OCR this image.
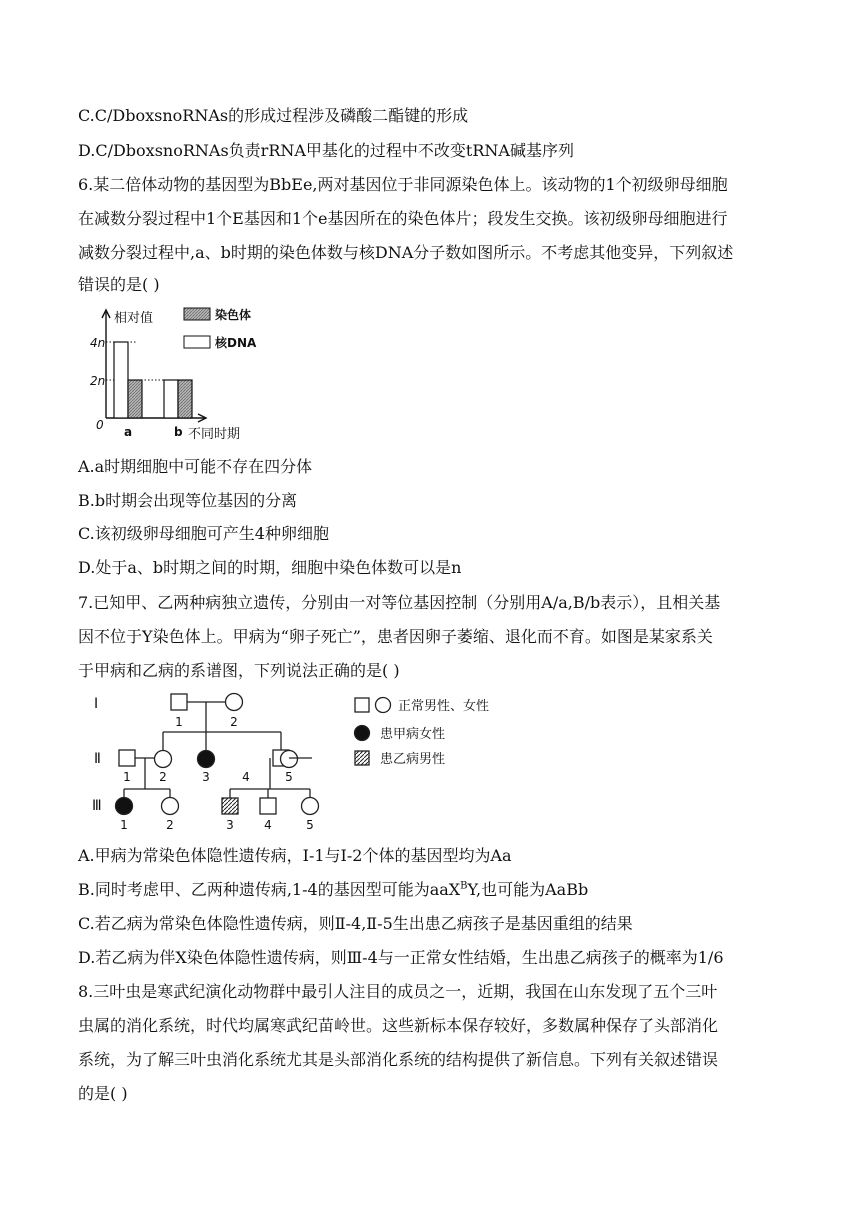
C.C/DboxsnoRNAs的形成过程涉及磷酸二酯键的形成
D.C/DboxsnoRNAs负责rRNA甲基化的过程中不改变tRNA碱基序列
6.某二倍体动物的基因型为BbEe,两对基因位于非同源染色体上。该动物的1个初级卵母细胞
在减数分裂过程中1个E基因和1个e基因所在的染色体片；段发生交换。该初级卵母细胞进行
减数分裂过程中,a、b时期的染色体数与核DNA分子数如图所示。不考虑其他变异，下列叙述
错误的是( )
相对值
不同时期
4n
2n
0 a	b
染色体
核DNA
A.a时期细胞中可能不存在四分体
B.b时期会出现等位基因的分离
C.该初级卵母细胞可产生4种卵细胞
D.处于a、b时期之间的时期，细胞中染色体数可以是n
7.已知甲、乙两种病独立遗传，分别由一对等位基因控制（分别用A/a,B/b表示），且相关基
因不位于Y染色体上。甲病为“卵子死亡”，患者因卵子萎缩、退化而不育。如图是某家系关
于甲病和乙病的系谱图，下列说法正确的是( )
Ⅰ
Ⅱ
Ⅲ
1	2
1 2	3	4	5
1	2	3	4	5
正常男性、女性
患甲病女性
患乙病男性
A.甲病为常染色体隐性遗传病，I-1与I-2个体的基因型均为Aa
B.同时考虑甲、乙两种遗传病,1-4的基因型可能为aaX$^B$Y,也可能为AaBb
C.若乙病为常染色体隐性遗传病，则Ⅱ-4,Ⅱ-5生出患乙病孩子是基因重组的结果
D.若乙病为伴X染色体隐性遗传病，则Ⅲ-4与一正常女性结婚，生出患乙病孩子的概率为1/6
8.三叶虫是寒武纪演化动物群中最引人注目的成员之一，近期，我国在山东发现了五个三叶
虫属的消化系统，时代均属寒武纪苗岭世。这些新标本保存较好，多数属种保存了头部消化
系统，为了解三叶虫消化系统尤其是头部消化系统的结构提供了新信息。下列有关叙述错误
的是( )
